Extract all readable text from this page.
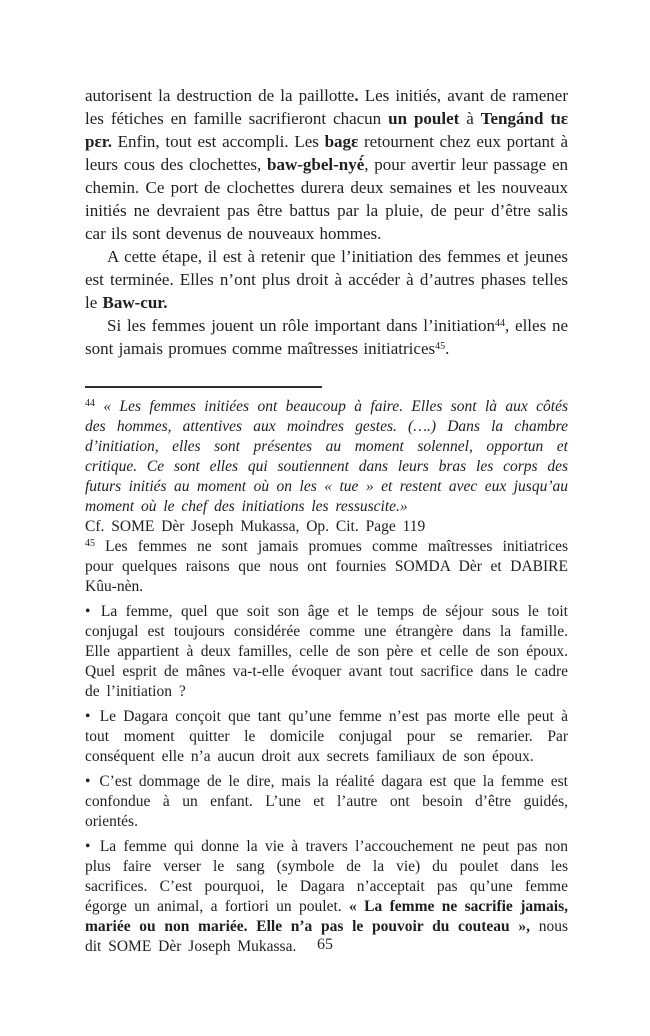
autorisent la destruction de la paillotte. Les initiés, avant de ramener les fétiches en famille sacrifieront chacun un poulet à Tengánd tıɛ pɛr. Enfin, tout est accompli. Les bagɛ retournent chez eux portant à leurs cous des clochettes, baw-gbel-nyė́, pour avertir leur passage en chemin. Ce port de clochettes durera deux semaines et les nouveaux initiés ne devraient pas être battus par la pluie, de peur d’être salis car ils sont devenus de nouveaux hommes.

A cette étape, il est à retenir que l’initiation des femmes et jeunes est terminée. Elles n’ont plus droit à accéder à d’autres phases telles le Baw-cur.

Si les femmes jouent un rôle important dans l’initiation$^{44}$, elles ne sont jamais promues comme maîtresses initiatrices$^{45}$.

$^{44}$ « Les femmes initiées ont beaucoup à faire. Elles sont là aux côtés des hommes, attentives aux moindres gestes. (….) Dans la chambre d’initiation, elles sont présentes au moment solennel, opportun et critique. Ce sont elles qui soutiennent dans leurs bras les corps des futurs initiés au moment où on les « tue » et restent avec eux jusqu’au moment où le chef des initiations les ressuscite.»

Cf. SOME Dèr Joseph Mukassa, Op. Cit. Page 119

$^{45}$ Les femmes ne sont jamais promues comme maîtresses initiatrices pour quelques raisons que nous ont fournies SOMDA Dèr et DABIRE Kûu-nèn.

• La femme, quel que soit son âge et le temps de séjour sous le toit conjugal est toujours considérée comme une étrangère dans la famille. Elle appartient à deux familles, celle de son père et celle de son époux. Quel esprit de mânes va-t-elle évoquer avant tout sacrifice dans le cadre de l’initiation ?

• Le Dagara conçoit que tant qu’une femme n’est pas morte elle peut à tout moment quitter le domicile conjugal pour se remarier. Par conséquent elle n’a aucun droit aux secrets familiaux de son époux.

• C’est dommage de le dire, mais la réalité dagara est que la femme est confondue à un enfant. L’une et l’autre ont besoin d’être guidés, orientés.

• La femme qui donne la vie à travers l’accouchement ne peut pas non plus faire verser le sang (symbole de la vie) du poulet dans les sacrifices. C’est pourquoi, le Dagara n’acceptait pas qu’une femme égorge un animal, a fortiori un poulet. « La femme ne sacrifie jamais, mariée ou non mariée. Elle n’a pas le pouvoir du couteau », nous dit SOME Dèr Joseph Mukassa.	65
